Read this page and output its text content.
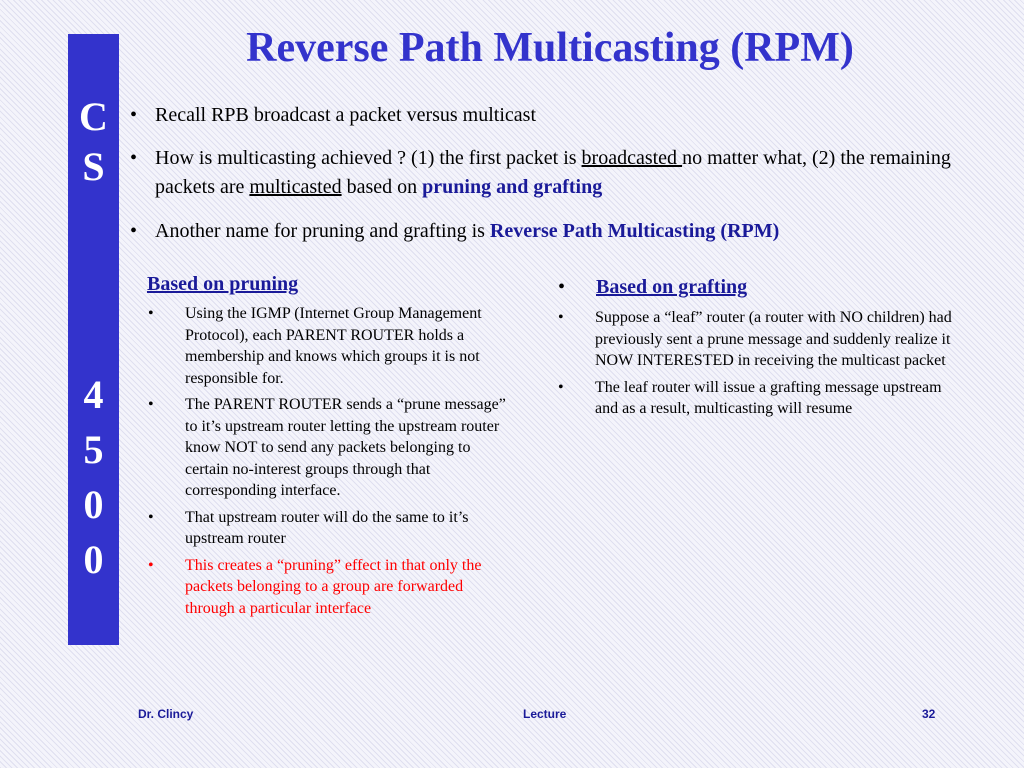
C
S
4
5
0
0
Reverse Path Multicasting (RPM)
• Recall RPB broadcast a packet versus multicast
• How is multicasting achieved ? (1) the first packet is broadcasted no matter what, (2) the remaining packets are multicasted based on pruning and grafting
• Another name for pruning and grafting is Reverse Path Multicasting (RPM)
Based on pruning
• Using the IGMP (Internet Group Management Protocol), each PARENT ROUTER holds a membership and knows which groups it is not responsible for.
• The PARENT ROUTER sends a “prune message” to it’s upstream router letting the upstream router know NOT to send any packets belonging to certain no-interest groups through that corresponding interface.
• That upstream router will do the same to it’s upstream router
• This creates a “pruning” effect in that only the packets belonging to a group are forwarded through a particular interface
• Based on grafting
• Suppose a “leaf” router (a router with NO children) had previously sent a prune message and suddenly realize it NOW INTERESTED in receiving the multicast packet
• The leaf router will issue a grafting message upstream and as a result, multicasting will resume
Dr. Clincy	Lecture	32
